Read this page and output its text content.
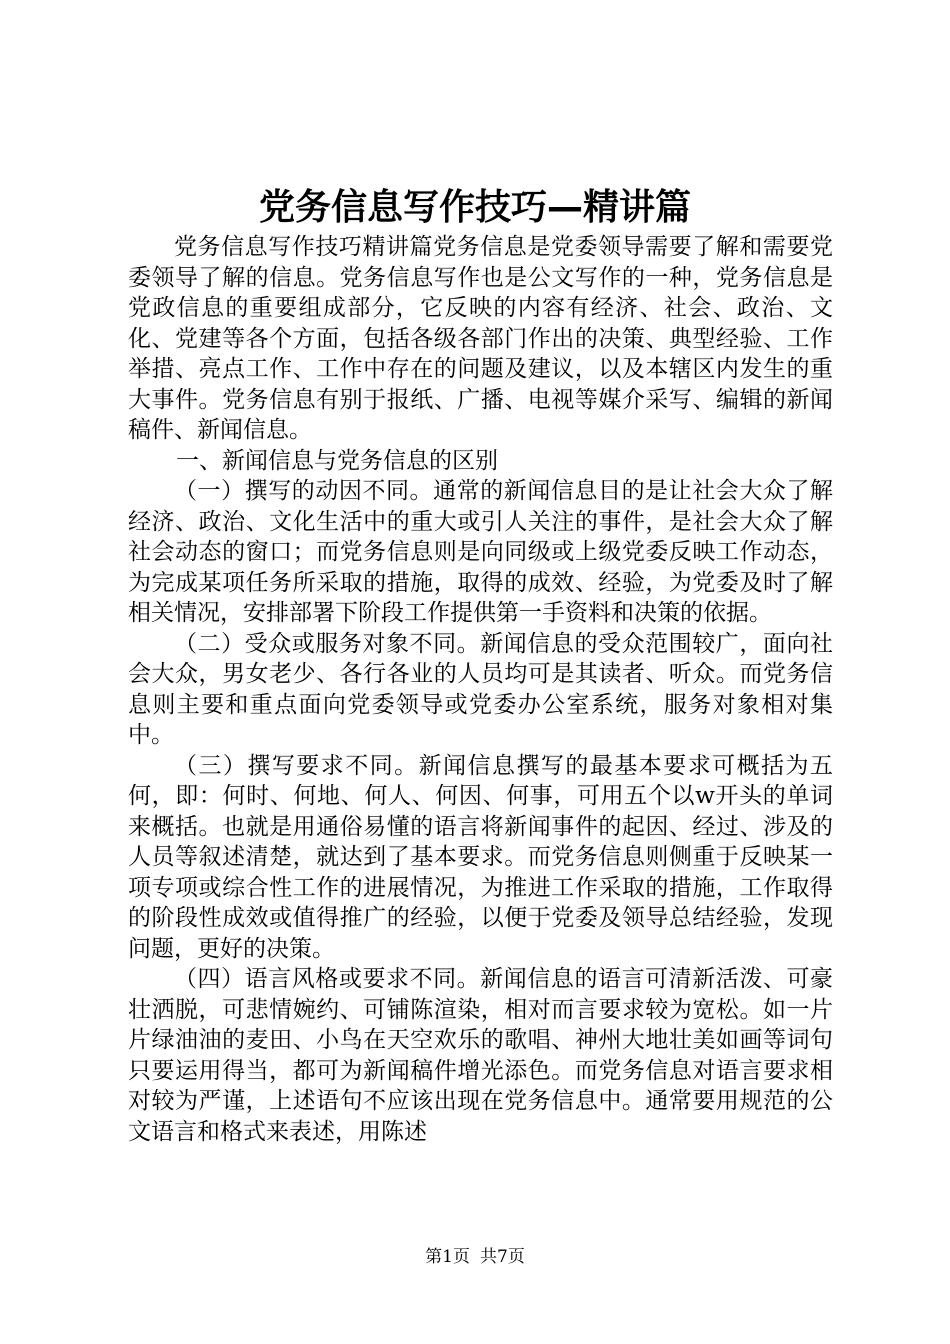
党务信息写作技巧—精讲篇

党务信息写作技巧精讲篇党务信息是党委领导需要了解和需要党委领导了解的信息。党务信息写作也是公文写作的一种，党务信息是党政信息的重要组成部分，它反映的内容有经济、社会、政治、文化、党建等各个方面，包括各级各部门作出的决策、典型经验、工作举措、亮点工作、工作中存在的问题及建议，以及本辖区内发生的重大事件。党务信息有别于报纸、广播、电视等媒介采写、编辑的新闻稿件、新闻信息。

一、新闻信息与党务信息的区别

（一）撰写的动因不同。通常的新闻信息目的是让社会大众了解经济、政治、文化生活中的重大或引人关注的事件，是社会大众了解社会动态的窗口；而党务信息则是向同级或上级党委反映工作动态，为完成某项任务所采取的措施，取得的成效、经验，为党委及时了解相关情况，安排部署下阶段工作提供第一手资料和决策的依据。

（二）受众或服务对象不同。新闻信息的受众范围较广，面向社会大众，男女老少、各行各业的人员均可是其读者、听众。而党务信息则主要和重点面向党委领导或党委办公室系统，服务对象相对集中。

（三）撰写要求不同。新闻信息撰写的最基本要求可概括为五何，即：何时、何地、何人、何因、何事，可用五个以w开头的单词来概括。也就是用通俗易懂的语言将新闻事件的起因、经过、涉及的人员等叙述清楚，就达到了基本要求。而党务信息则侧重于反映某一项专项或综合性工作的进展情况，为推进工作采取的措施，工作取得的阶段性成效或值得推广的经验，以便于党委及领导总结经验，发现问题，更好的决策。

（四）语言风格或要求不同。新闻信息的语言可清新活泼、可豪壮洒脱，可悲情婉约、可铺陈渲染，相对而言要求较为宽松。如一片片绿油油的麦田、小鸟在天空欢乐的歌唱、神州大地壮美如画等词句只要运用得当，都可为新闻稿件增光添色。而党务信息对语言要求相对较为严谨，上述语句不应该出现在党务信息中。通常要用规范的公文语言和格式来表述，用陈述

第1页 共7页
